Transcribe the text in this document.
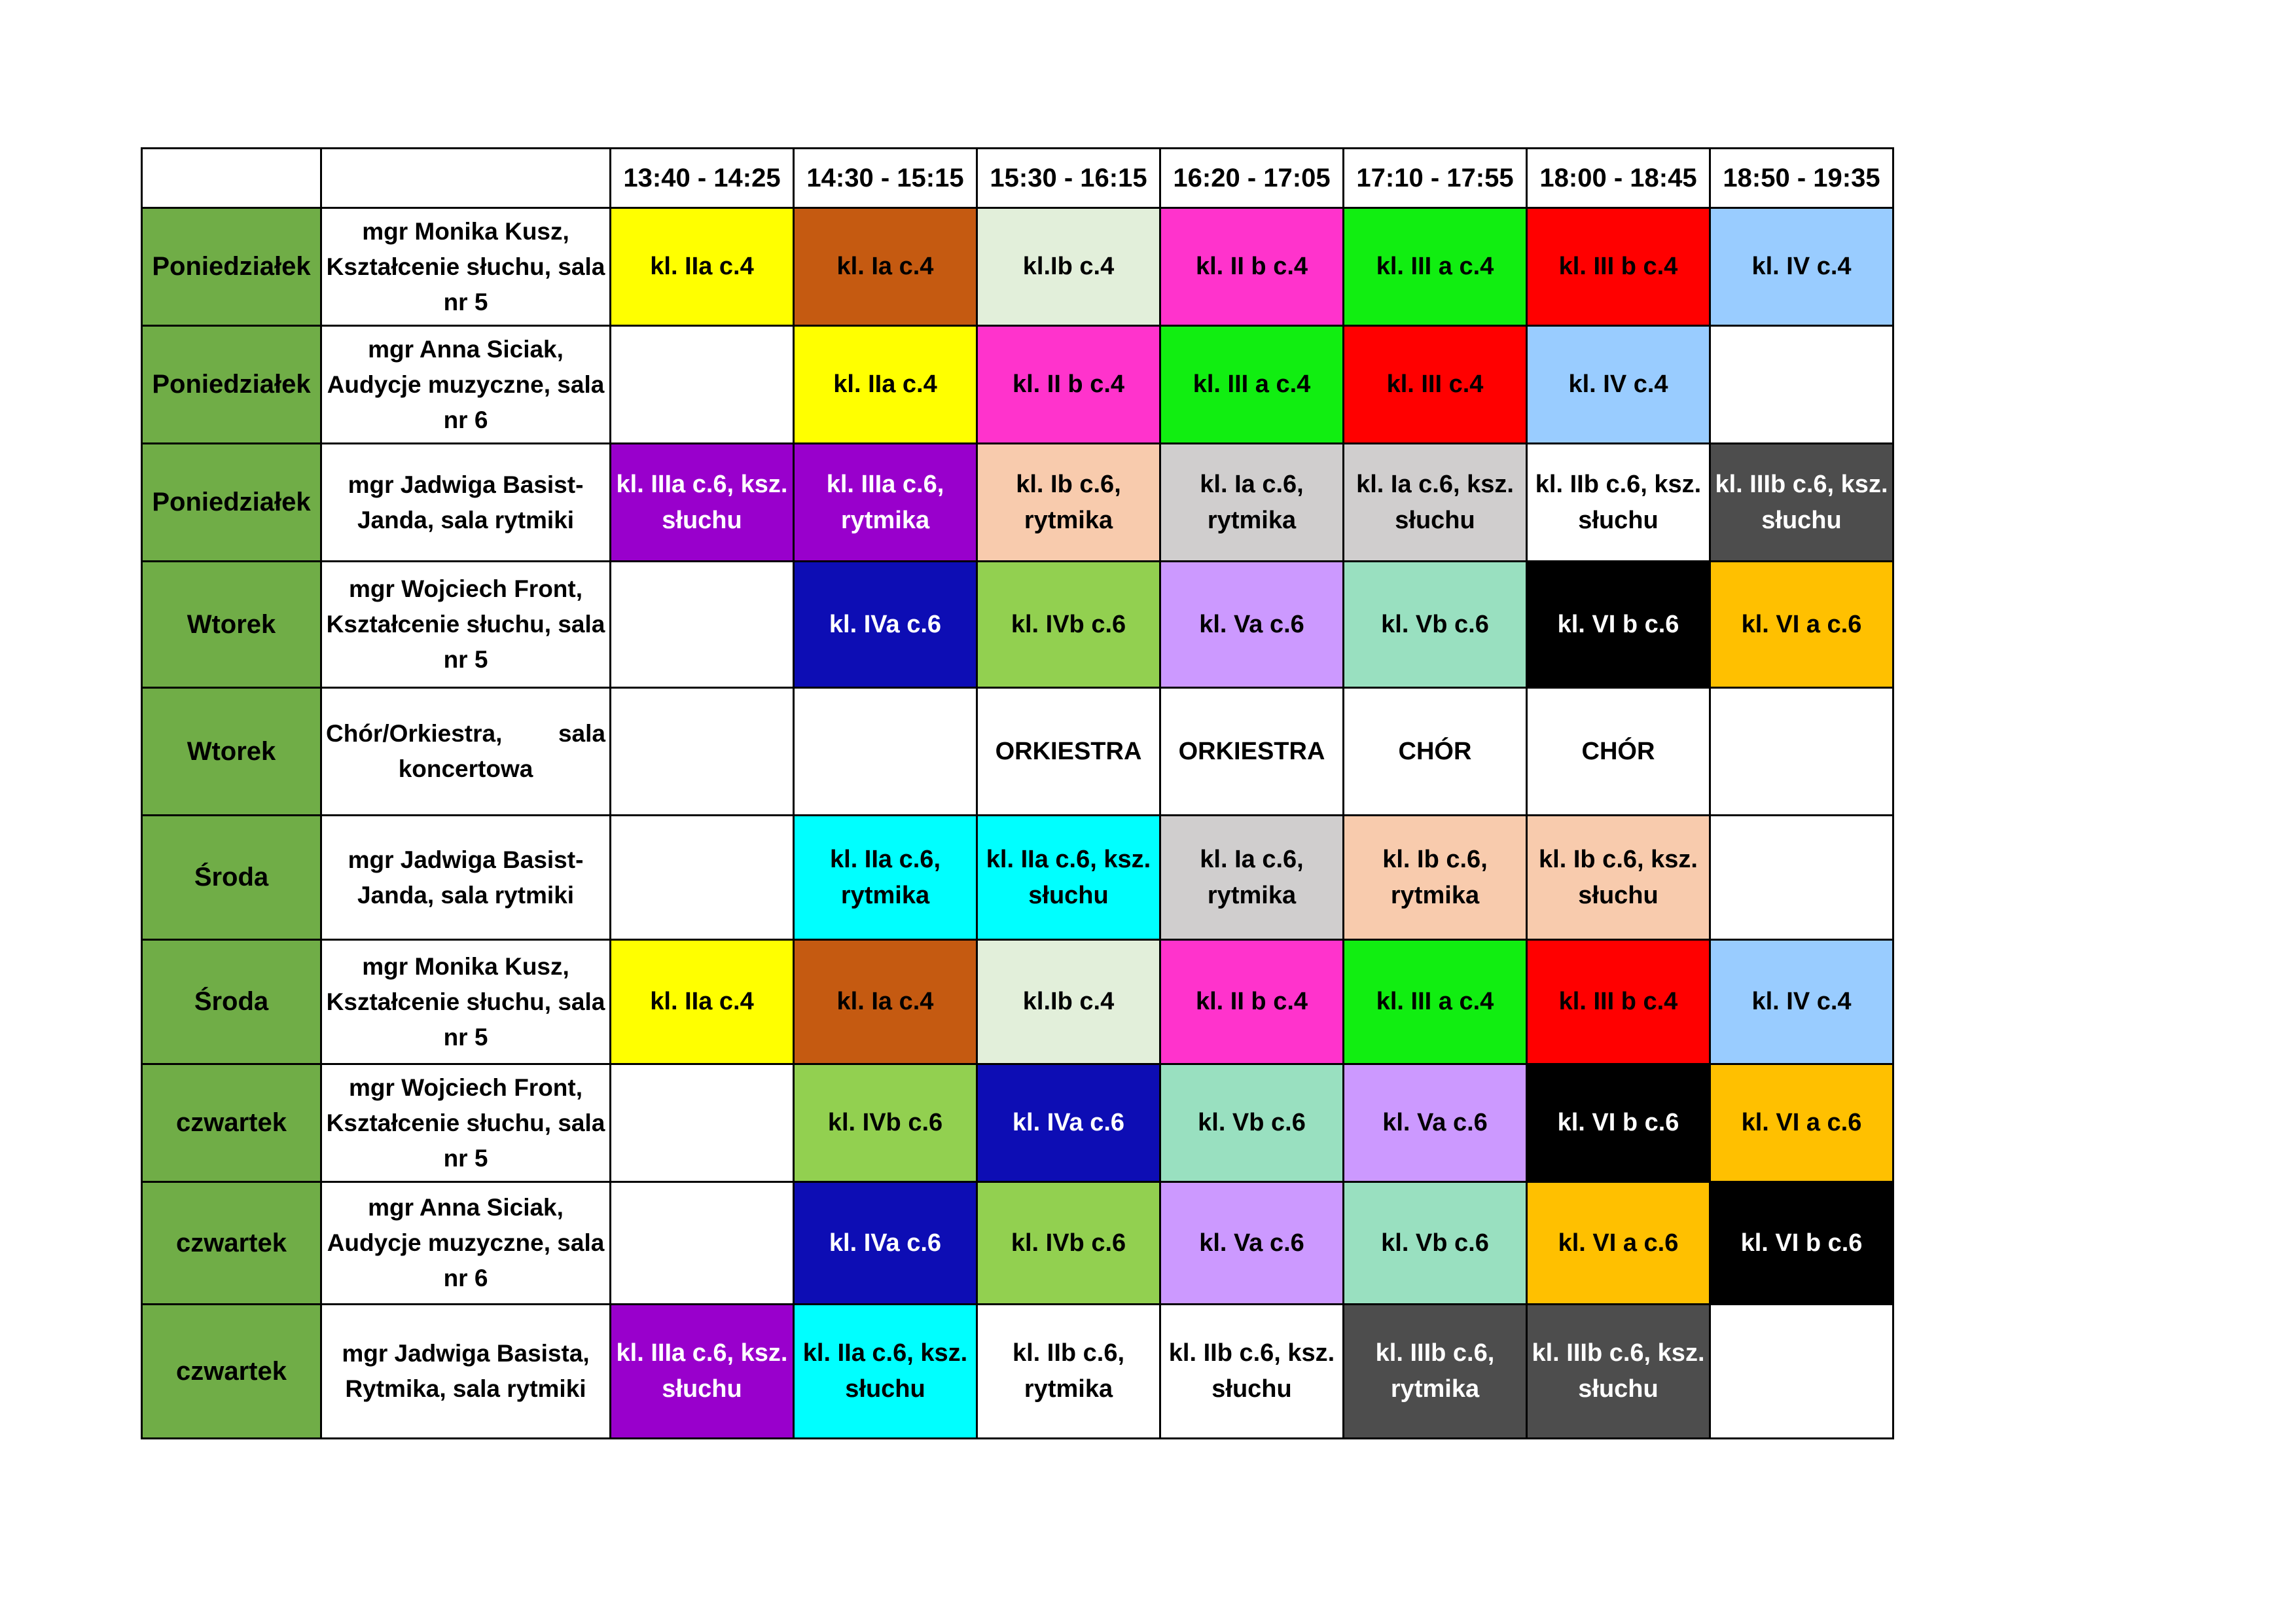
		13:40 - 14:25	14:30 - 15:15	15:30 - 16:15	16:20 - 17:05	17:10 - 17:55	18:00 - 18:45	18:50 - 19:35
Poniedziałek	mgr Monika Kusz, Kształcenie słuchu, sala nr 5	kl. IIa c.4	kl. Ia c.4	kl.Ib c.4	kl. II b c.4	kl. III a c.4	kl. III b c.4	kl. IV c.4
Poniedziałek	mgr Anna Siciak, Audycje muzyczne, sala nr 6		kl. IIa c.4	kl. II b c.4	kl. III a c.4	kl. III c.4	kl. IV c.4	
Poniedziałek	mgr Jadwiga Basist-Janda, sala rytmiki	kl. IIIa c.6, ksz. słuchu	kl. IIIa c.6, rytmika	kl. Ib c.6, rytmika	kl. Ia c.6, rytmika	kl. Ia c.6, ksz. słuchu	kl. IIb c.6, ksz. słuchu	kl. IIIb c.6, ksz. słuchu
Wtorek	mgr Wojciech Front, Kształcenie słuchu, sala nr 5		kl. IVa c.6	kl. IVb c.6	kl. Va c.6	kl. Vb c.6	kl. VI b c.6	kl. VI a c.6
Wtorek	Chór/Orkiestra, sala koncertowa			ORKIESTRA	ORKIESTRA	CHÓR	CHÓR	
Środa	mgr Jadwiga Basist-Janda, sala rytmiki		kl. IIa c.6, rytmika	kl. IIa c.6, ksz. słuchu	kl. Ia c.6, rytmika	kl. Ib c.6, rytmika	kl. Ib c.6, ksz. słuchu	
Środa	mgr Monika Kusz, Kształcenie słuchu, sala nr 5	kl. IIa c.4	kl. Ia c.4	kl.Ib c.4	kl. II b c.4	kl. III a c.4	kl. III b c.4	kl. IV c.4
czwartek	mgr Wojciech Front, Kształcenie słuchu, sala nr 5		kl. IVb c.6	kl. IVa c.6	kl. Vb c.6	kl. Va c.6	kl. VI b c.6	kl. VI a c.6
czwartek	mgr Anna Siciak, Audycje muzyczne, sala nr 6		kl. IVa c.6	kl. IVb c.6	kl. Va c.6	kl. Vb c.6	kl. VI a c.6	kl. VI b c.6
czwartek	mgr Jadwiga Basista, Rytmika, sala rytmiki	kl. IIIa c.6, ksz. słuchu	kl. IIa c.6, ksz. słuchu	kl. IIb c.6, rytmika	kl. IIb c.6, ksz. słuchu	kl. IIIb c.6, rytmika	kl. IIIb c.6, ksz. słuchu	
